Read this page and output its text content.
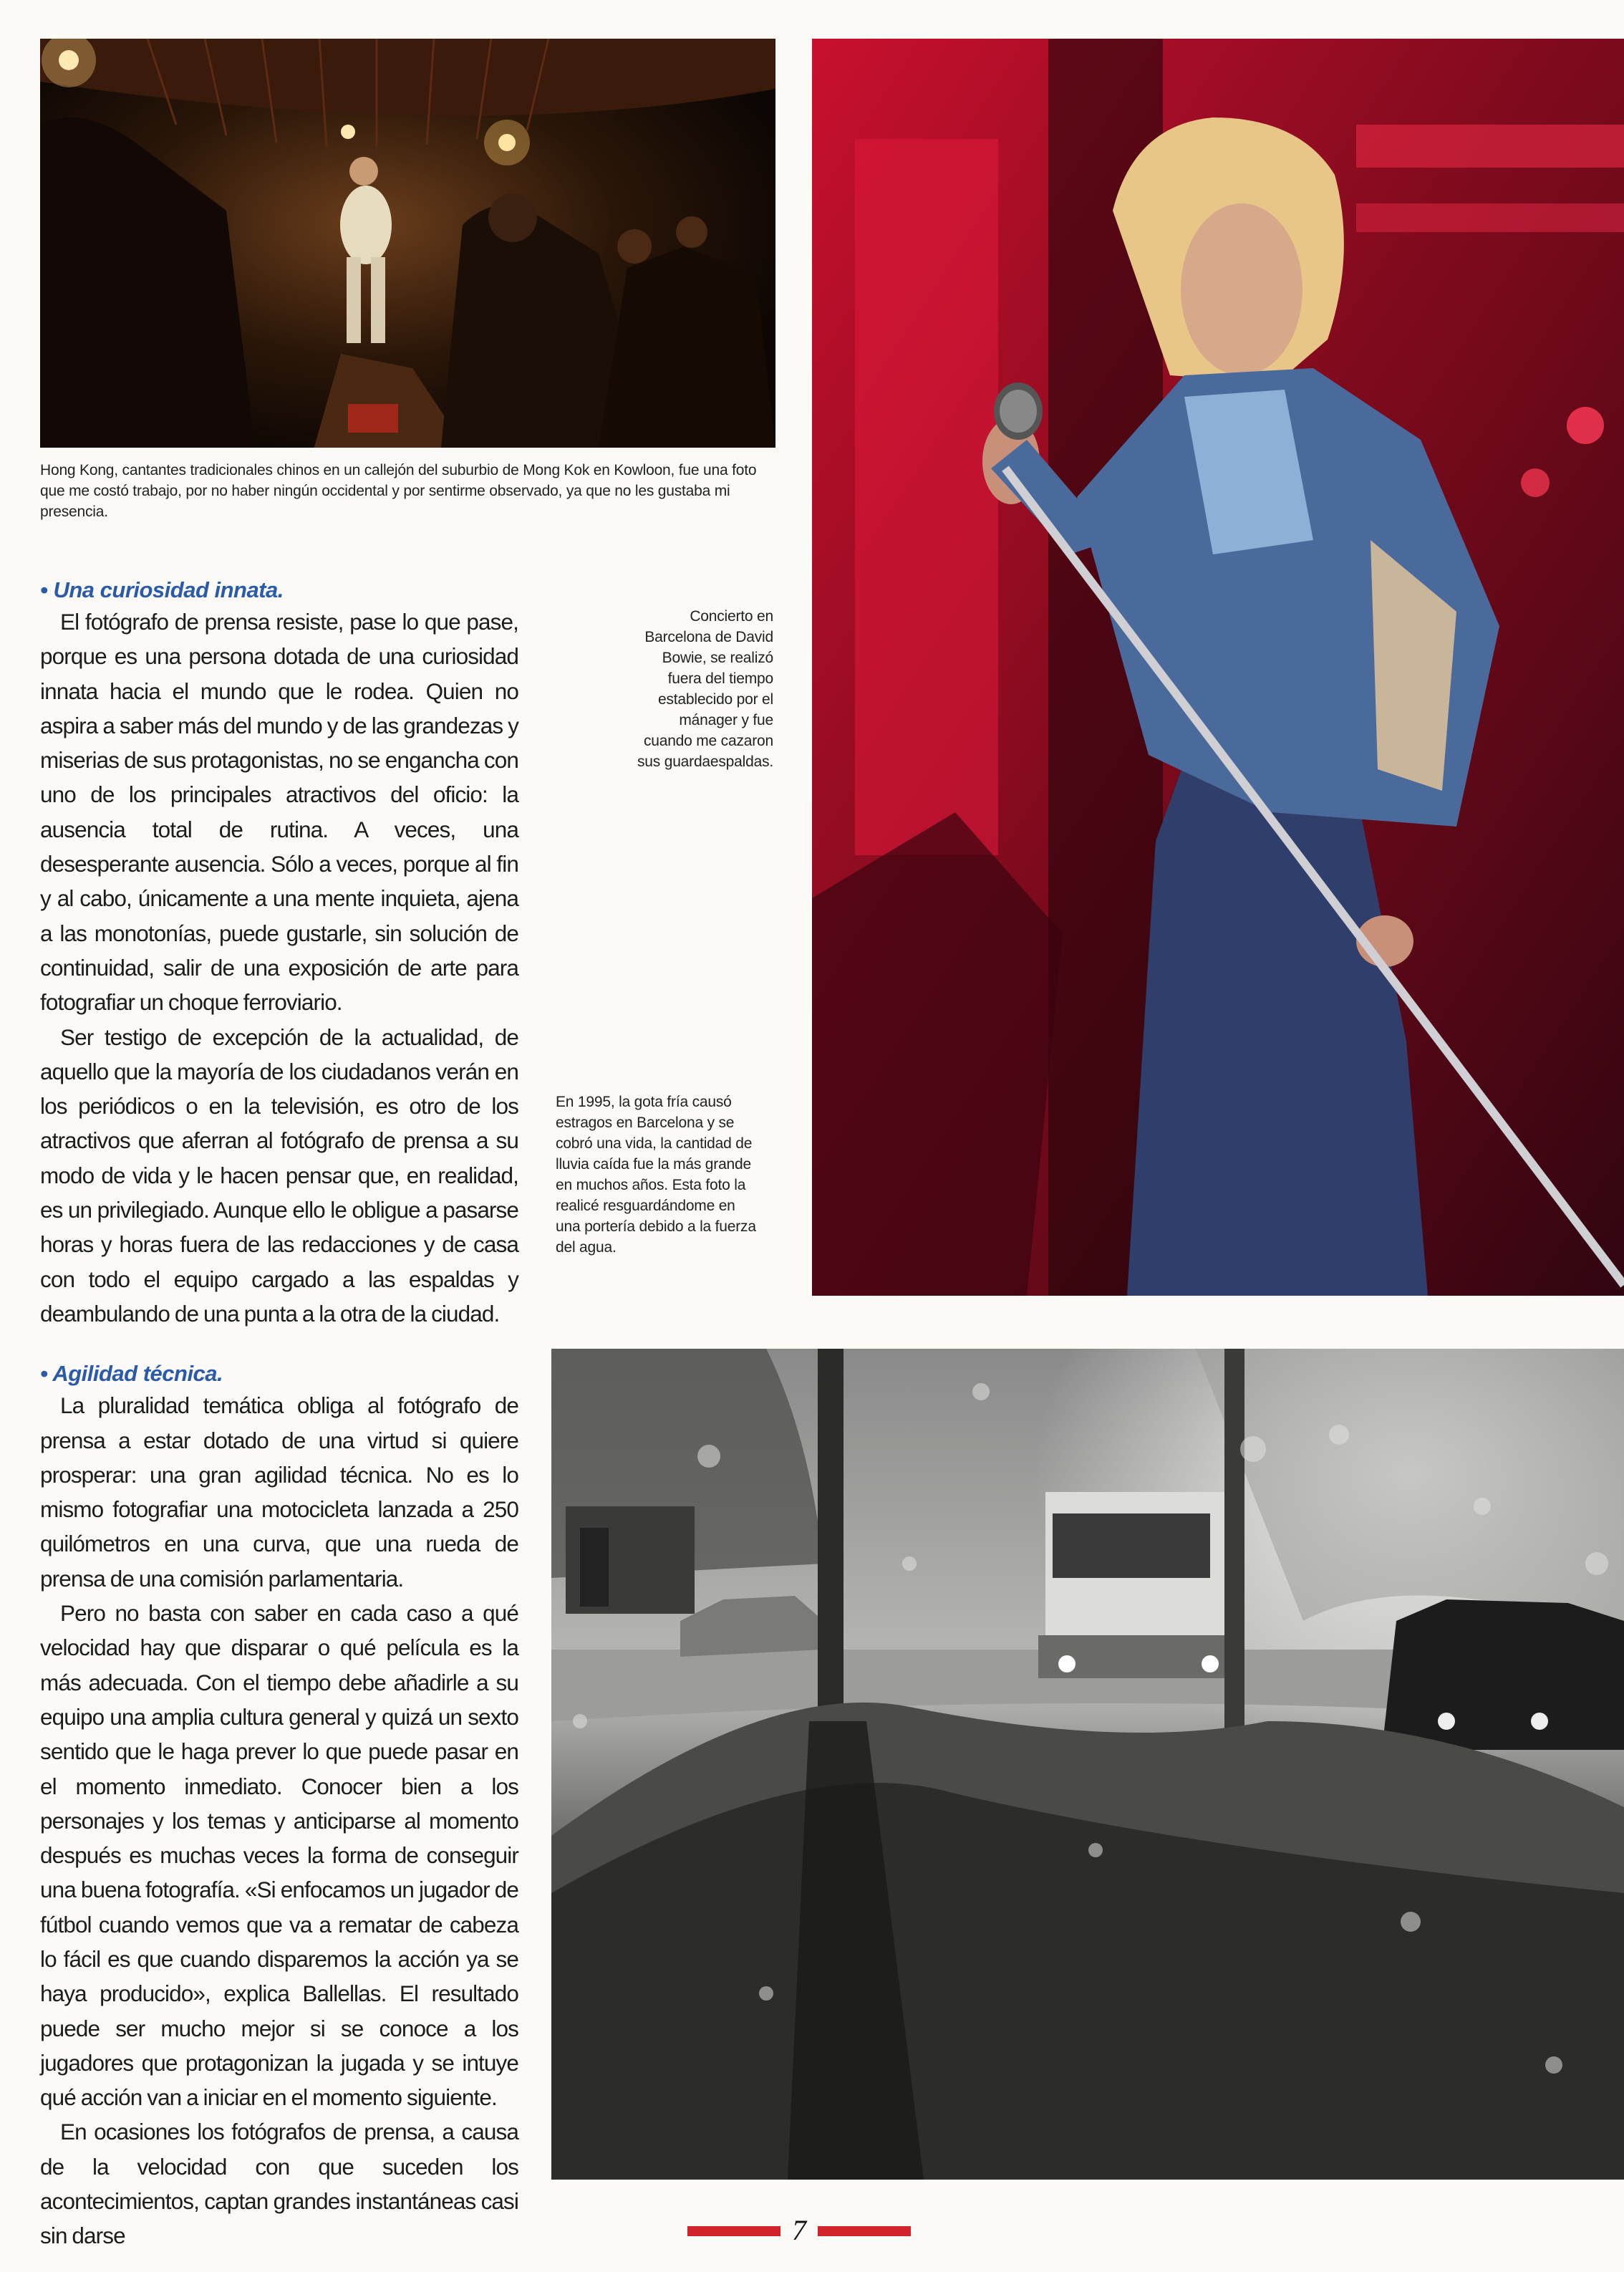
Hong Kong, cantantes tradicionales chinos en un callejón del suburbio de Mong Kok en Kowloon, fue una foto que me costó trabajo, por no haber ningún occidental y por sentirme observado, ya que no les gustaba mi presencia.
Concierto en Barcelona de David Bowie, se realizó fuera del tiempo establecido por el mánager y fue cuando me cazaron sus guardaespaldas.
En 1995, la gota fría causó estragos en Barcelona y se cobró una vida, la cantidad de lluvia caída fue la más grande en muchos años. Esta foto la realicé resguardándome en una portería debido a la fuerza del agua.
• Una curiosidad innata.

El fotógrafo de prensa resiste, pase lo que pase, porque es una persona dotada de una curiosidad innata hacia el mundo que le rodea. Quien no aspira a saber más del mundo y de las grandezas y miserias de sus protagonistas, no se engancha con uno de los principales atractivos del oficio: la ausencia total de rutina. A veces, una desesperante ausencia. Sólo a veces, porque al fin y al cabo, únicamente a una mente inquieta, ajena a las monotonías, puede gustarle, sin solución de continuidad, salir de una exposición de arte para fotografiar un choque ferroviario.

Ser testigo de excepción de la actualidad, de aquello que la mayoría de los ciudadanos verán en los periódicos o en la televisión, es otro de los atractivos que aferran al fotógrafo de prensa a su modo de vida y le hacen pensar que, en realidad, es un privilegiado. Aunque ello le obligue a pasarse horas y horas fuera de las redacciones y de casa con todo el equipo cargado a las espaldas y deambulando de una punta a la otra de la ciudad.

• Agilidad técnica.

La pluralidad temática obliga al fotógrafo de prensa a estar dotado de una virtud si quiere prosperar: una gran agilidad técnica. No es lo mismo fotografiar una motocicleta lanzada a 250 quilómetros en una curva, que una rueda de prensa de una comisión parlamentaria.

Pero no basta con saber en cada caso a qué velocidad hay que disparar o qué película es la más adecuada. Con el tiempo debe añadirle a su equipo una amplia cultura general y quizá un sexto sentido que le haga prever lo que puede pasar en el momento inmediato. Conocer bien a los personajes y los temas y anticiparse al momento después es muchas veces la forma de conseguir una buena fotografía. «Si enfocamos un jugador de fútbol cuando vemos que va a rematar de cabeza lo fácil es que cuando disparemos la acción ya se haya producido», explica Ballellas. El resultado puede ser mucho mejor si se conoce a los jugadores que protagonizan la jugada y se intuye qué acción van a iniciar en el momento siguiente.

En ocasiones los fotógrafos de prensa, a causa de la velocidad con que suceden los acontecimientos, captan grandes instantáneas casi sin darse	7
